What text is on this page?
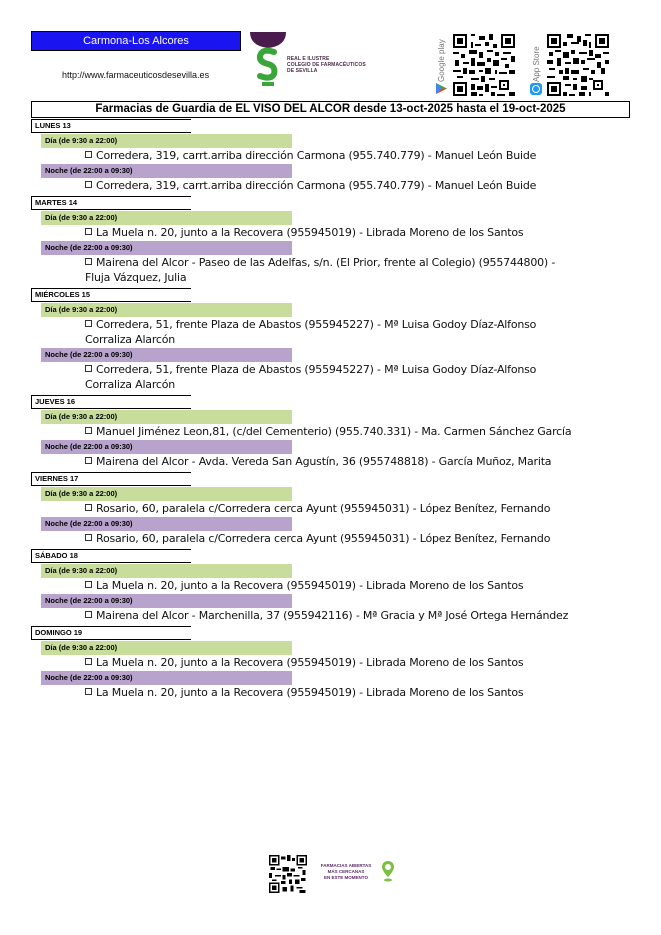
Carmona-Los Alcores
http://www.farmaceuticosdesevilla.es
REAL E ILUSTRE
COLEGIO DE FARMACÉUTICOS
DE SEVILLA	Google play	App Store
Farmacias de Guardia de EL VISO DEL ALCOR desde 13-oct-2025 hasta el 19-oct-2025
LUNES 13
Día (de 9:30 a 22:00)
Corredera, 319, carrt.arriba dirección Carmona (955.740.779) - Manuel León Buide
Noche (de 22:00 a 09:30)
Corredera, 319, carrt.arriba dirección Carmona (955.740.779) - Manuel León Buide
MARTES 14
Día (de 9:30 a 22:00)
La Muela n. 20, junto a la Recovera (955945019) - Librada Moreno de los Santos
Noche (de 22:00 a 09:30)
Mairena del Alcor - Paseo de las Adelfas, s/n. (El Prior, frente al Colegio) (955744800) -
Fluja Vázquez, Julia
MIÉRCOLES 15
Día (de 9:30 a 22:00)
Corredera, 51, frente Plaza de Abastos (955945227) - Mª Luisa Godoy Díaz-Alfonso
Corraliza Alarcón
Noche (de 22:00 a 09:30)
Corredera, 51, frente Plaza de Abastos (955945227) - Mª Luisa Godoy Díaz-Alfonso
Corraliza Alarcón
JUEVES 16
Día (de 9:30 a 22:00)
Manuel Jiménez Leon,81, (c/del Cementerio) (955.740.331) - Ma. Carmen Sánchez García
Noche (de 22:00 a 09:30)
Mairena del Alcor - Avda. Vereda San Agustín, 36 (955748818) - García Muñoz, Marita
VIERNES 17
Día (de 9:30 a 22:00)
Rosario, 60, paralela c/Corredera cerca Ayunt (955945031) - López Benítez, Fernando
Noche (de 22:00 a 09:30)
Rosario, 60, paralela c/Corredera cerca Ayunt (955945031) - López Benítez, Fernando
SÁBADO 18
Día (de 9:30 a 22:00)
La Muela n. 20, junto a la Recovera (955945019) - Librada Moreno de los Santos
Noche (de 22:00 a 09:30)
Mairena del Alcor - Marchenilla, 37 (955942116) - Mª Gracia y Mª José Ortega Hernández
DOMINGO 19
Día (de 9:30 a 22:00)
La Muela n. 20, junto a la Recovera (955945019) - Librada Moreno de los Santos
Noche (de 22:00 a 09:30)
La Muela n. 20, junto a la Recovera (955945019) - Librada Moreno de los Santos
FARMACIAS ABIERTAS
MÁS CERCANAS
EN ESTE MOMENTO
